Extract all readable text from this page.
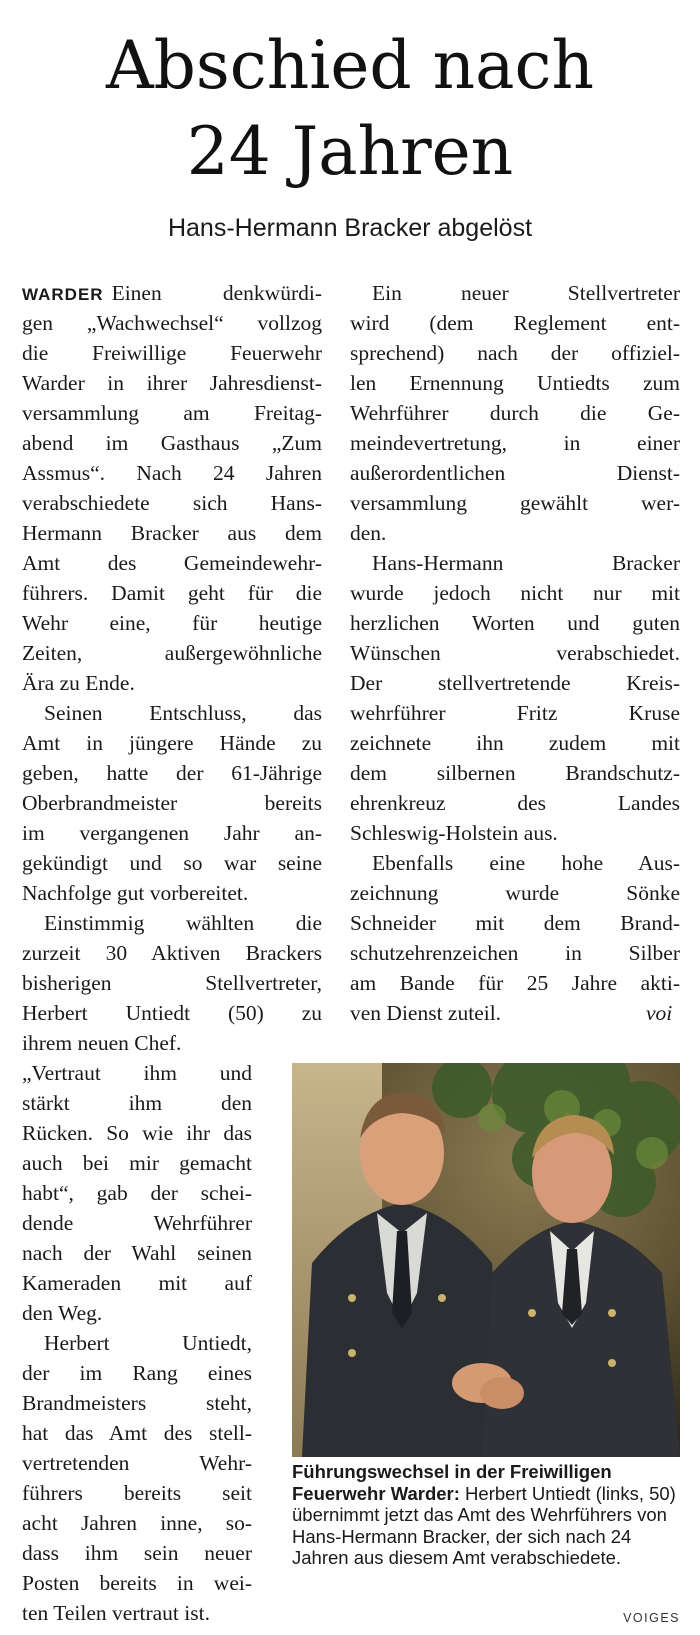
Abschied nach
24 Jahren
Hans-Hermann Bracker abgelöst
WARDER Einen denkwürdi-
gen „Wachwechsel“ vollzog
die Freiwillige Feuerwehr
Warder in ihrer Jahresdienst-
versammlung am Freitag-
abend im Gasthaus „Zum
Assmus“. Nach 24 Jahren
verabschiedete sich Hans-
Hermann Bracker aus dem
Amt des Gemeindewehr-
führers. Damit geht für die
Wehr eine, für heutige
Zeiten, außergewöhnliche
Ära zu Ende.
Seinen Entschluss, das
Amt in jüngere Hände zu
geben, hatte der 61-Jährige
Oberbrandmeister bereits
im vergangenen Jahr an-
gekündigt und so war seine
Nachfolge gut vorbereitet.
Einstimmig wählten die
zurzeit 30 Aktiven Brackers
bisherigen Stellvertreter,
Herbert Untiedt (50) zu
ihrem neuen Chef.
„Vertraut ihm und
stärkt ihm den
Rücken. So wie ihr das
auch bei mir gemacht
habt“, gab der schei-
dende Wehrführer
nach der Wahl seinen
Kameraden mit auf
den Weg.
Herbert Untiedt,
der im Rang eines
Brandmeisters steht,
hat das Amt des stell-
vertretenden Wehr-
führers bereits seit
acht Jahren inne, so-
dass ihm sein neuer
Posten bereits in wei-
ten Teilen vertraut ist.
Ein neuer Stellvertreter
wird (dem Reglement ent-
sprechend) nach der offiziel-
len Ernennung Untiedts zum
Wehrführer durch die Ge-
meindevertretung, in einer
außerordentlichen Dienst-
versammlung gewählt wer-
den.
Hans-Hermann Bracker
wurde jedoch nicht nur mit
herzlichen Worten und guten
Wünschen verabschiedet.
Der stellvertretende Kreis-
wehrführer Fritz Kruse
zeichnete ihn zudem mit
dem silbernen Brandschutz-
ehrenkreuz des Landes
Schleswig-Holstein aus.
Ebenfalls eine hohe Aus-
zeichnung wurde Sönke
Schneider mit dem Brand-
schutzehrenzeichen in Silber
am Bande für 25 Jahre akti-
ven Dienst zuteil.	voi
Führungswechsel in der Freiwilligen Feuerwehr Warder: Herbert Untiedt (links, 50) übernimmt jetzt das Amt des Wehrführers von Hans-Hermann Bracker, der sich nach 24 Jahren aus diesem Amt verabschiedete.
VOIGES
